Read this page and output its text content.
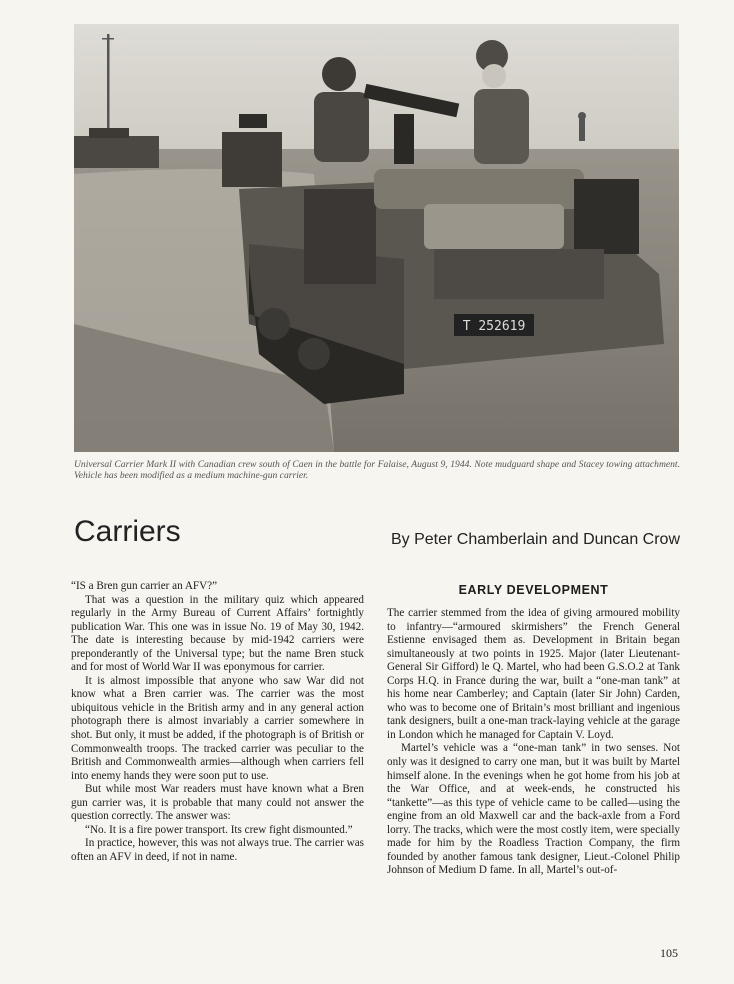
T 252619
Universal Carrier Mark II with Canadian crew south of Caen in the battle for Falaise, August 9, 1944. Note mudguard shape and Stacey towing attachment. Vehicle has been modified as a medium machine-gun carrier.
Carriers	By Peter Chamberlain and Duncan Crow

“IS a Bren gun carrier an AFV?”

That was a question in the military quiz which appeared regularly in the Army Bureau of Current Affairs’ fortnightly publication War. This one was in issue No. 19 of May 30, 1942. The date is interesting because by mid-1942 carriers were preponderantly of the Universal type; but the name Bren stuck and for most of World War II was eponymous for carrier.

It is almost impossible that anyone who saw War did not know what a Bren carrier was. The carrier was the most ubiquitous vehicle in the British army and in any general action photograph there is almost invariably a carrier somewhere in shot. But only, it must be added, if the photograph is of British or Commonwealth troops. The tracked carrier was peculiar to the British and Commonwealth armies—although when carriers fell into enemy hands they were soon put to use.

But while most War readers must have known what a Bren gun carrier was, it is probable that many could not answer the question correctly. The answer was:

“No. It is a fire power transport. Its crew fight dismounted.”

In practice, however, this was not always true. The carrier was often an AFV in deed, if not in name.

EARLY DEVELOPMENT

The carrier stemmed from the idea of giving armoured mobility to infantry—“armoured skirmishers” the French General Estienne envisaged them as. Development in Britain began simultaneously at two points in 1925. Major (later Lieutenant-General Sir Gifford) le Q. Martel, who had been G.S.O.2 at Tank Corps H.Q. in France during the war, built a “one-man tank” at his home near Camberley; and Captain (later Sir John) Carden, who was to become one of Britain’s most brilliant and ingenious tank designers, built a one-man track-laying vehicle at the garage in London which he managed for Captain V. Loyd.

Martel’s vehicle was a “one-man tank” in two senses. Not only was it designed to carry one man, but it was built by Martel himself alone. In the evenings when he got home from his job at the War Office, and at week-ends, he constructed his “tankette”—as this type of vehicle came to be called—using the engine from an old Maxwell car and the back-axle from a Ford lorry. The tracks, which were the most costly item, were specially made for him by the Roadless Traction Company, the firm founded by another famous tank designer, Lieut.-Colonel Philip Johnson of Medium D fame. In all, Martel’s out-of-

105
